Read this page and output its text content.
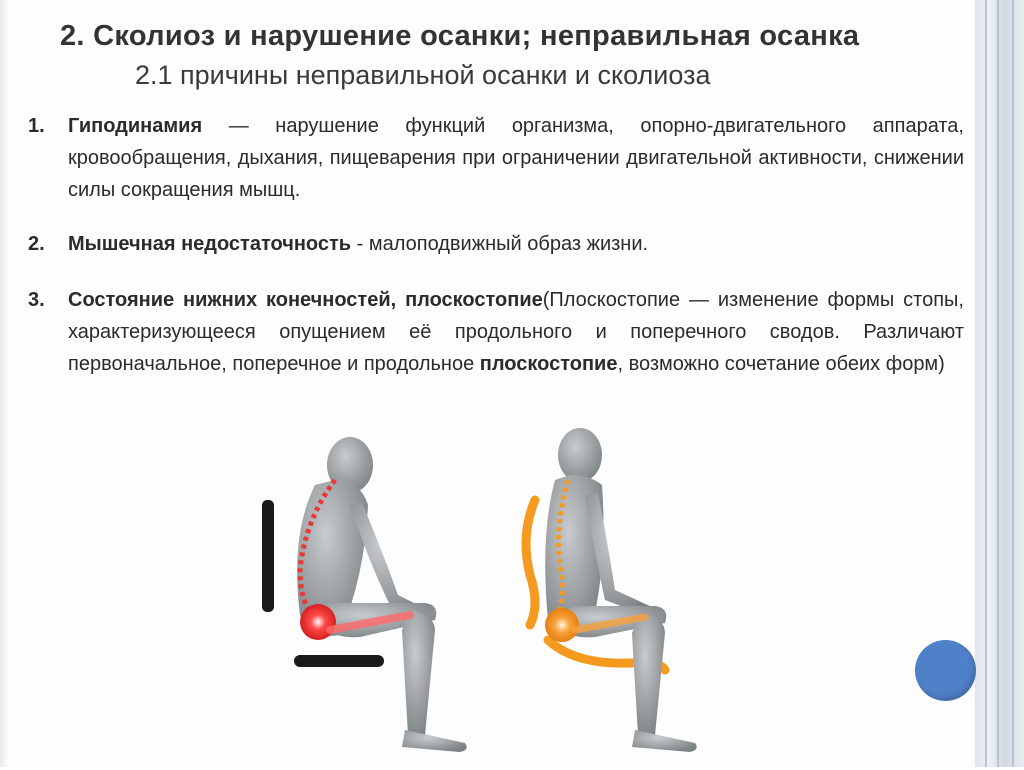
2. Сколиоз и нарушение осанки; неправильная осанка
2.1 причины неправильной осанки и сколиоза
1.	Гиподинамия — нарушение функций организма, опорно-двигательного аппарата, кровообращения, дыхания, пищеварения при ограничении двигательной активности, снижении силы сокращения мышц.
2.	Мышечная недостаточность - малоподвижный образ жизни.
3.	Состояние нижних конечностей, плоскостопие(Плоскостопие — изменение формы стопы, характеризующееся опущением её продольного и поперечного сводов. Различают первоначальное, поперечное и продольное плоскостопие, возможно сочетание обеих форм)
